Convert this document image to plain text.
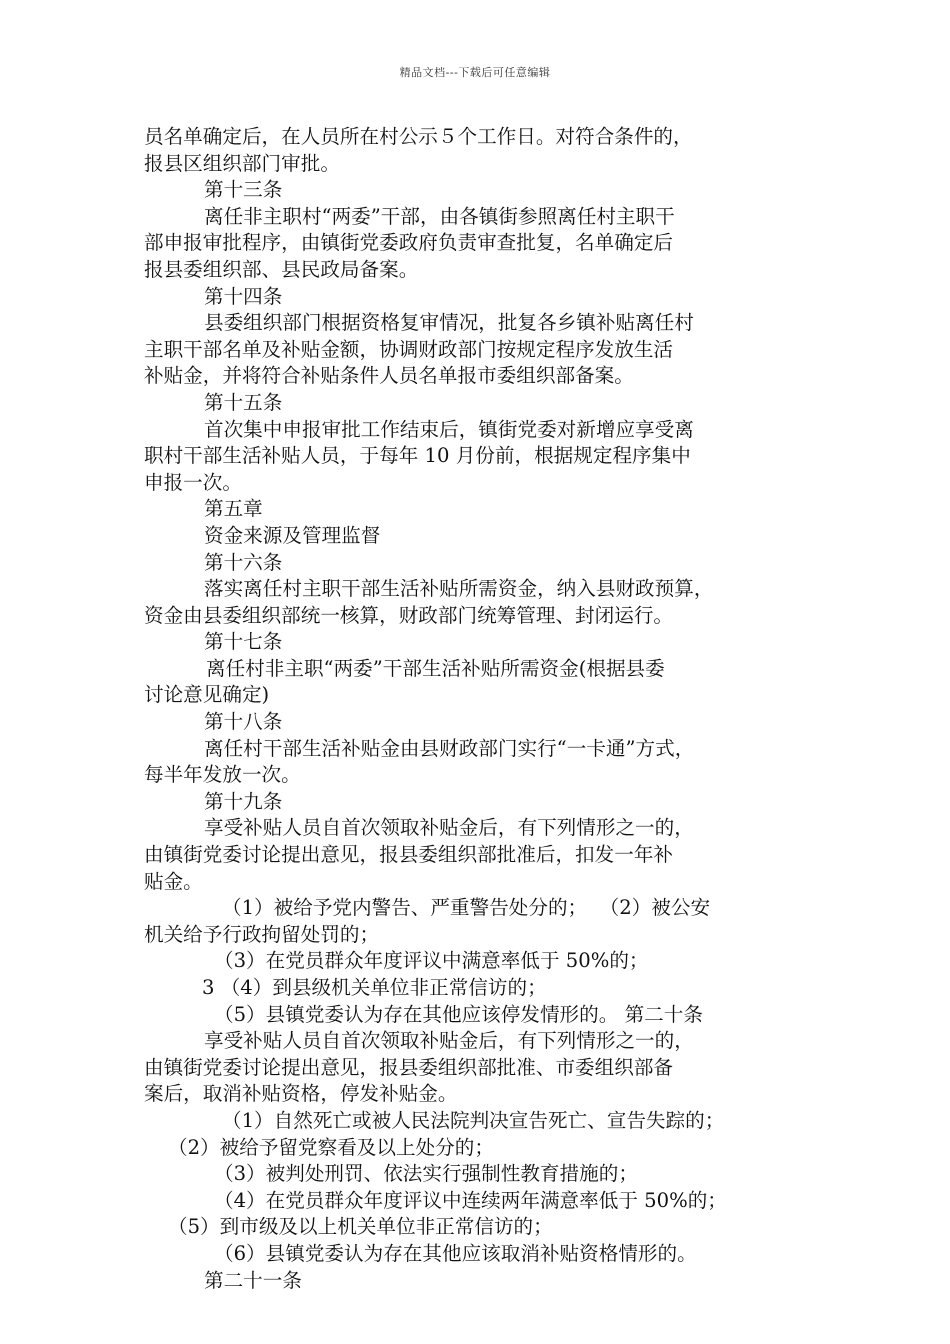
精品文档---下载后可任意编辑
员名单确定后，在人员所在村公示５个工作日。对符合条件的，
报县区组织部门审批。
第十三条
离任非主职村“两委”干部，由各镇街参照离任村主职干
部申报审批程序，由镇街党委政府负责审查批复，名单确定后
报县委组织部、县民政局备案。
第十四条
县委组织部门根据资格复审情况，批复各乡镇补贴离任村
主职干部名单及补贴金额，协调财政部门按规定程序发放生活
补贴金，并将符合补贴条件人员名单报市委组织部备案。
第十五条
首次集中申报审批工作结束后，镇街党委对新增应享受离
职村干部生活补贴人员，于每年 10 月份前，根据规定程序集中
申报一次。
第五章
资金来源及管理监督
第十六条
落实离任村主职干部生活补贴所需资金，纳入县财政预算，
资金由县委组织部统一核算，财政部门统筹管理、封闭运行。
第十七条
离任村非主职“两委”干部生活补贴所需资金(根据县委
讨论意见确定)
第十八条
离任村干部生活补贴金由县财政部门实行“一卡通”方式，
每半年发放一次。
第十九条
享受补贴人员自首次领取补贴金后，有下列情形之一的，
由镇街党委讨论提出意见，报县委组织部批准后，扣发一年补
贴金。
（1）被给予党内警告、严重警告处分的；  （2）被公安
机关给予行政拘留处罚的；
（3）在党员群众年度评议中满意率低于 50%的；
3 （4）到县级机关单位非正常信访的；
（5）县镇党委认为存在其他应该停发情形的。 第二十条
享受补贴人员自首次领取补贴金后，有下列情形之一的，
由镇街党委讨论提出意见，报县委组织部批准、市委组织部备
案后，取消补贴资格，停发补贴金。
（1）自然死亡或被人民法院判决宣告死亡、宣告失踪的；
（2）被给予留党察看及以上处分的；
（3）被判处刑罚、依法实行强制性教育措施的；
（4）在党员群众年度评议中连续两年满意率低于 50%的；
（5）到市级及以上机关单位非正常信访的；
（6）县镇党委认为存在其他应该取消补贴资格情形的。
第二十一条
